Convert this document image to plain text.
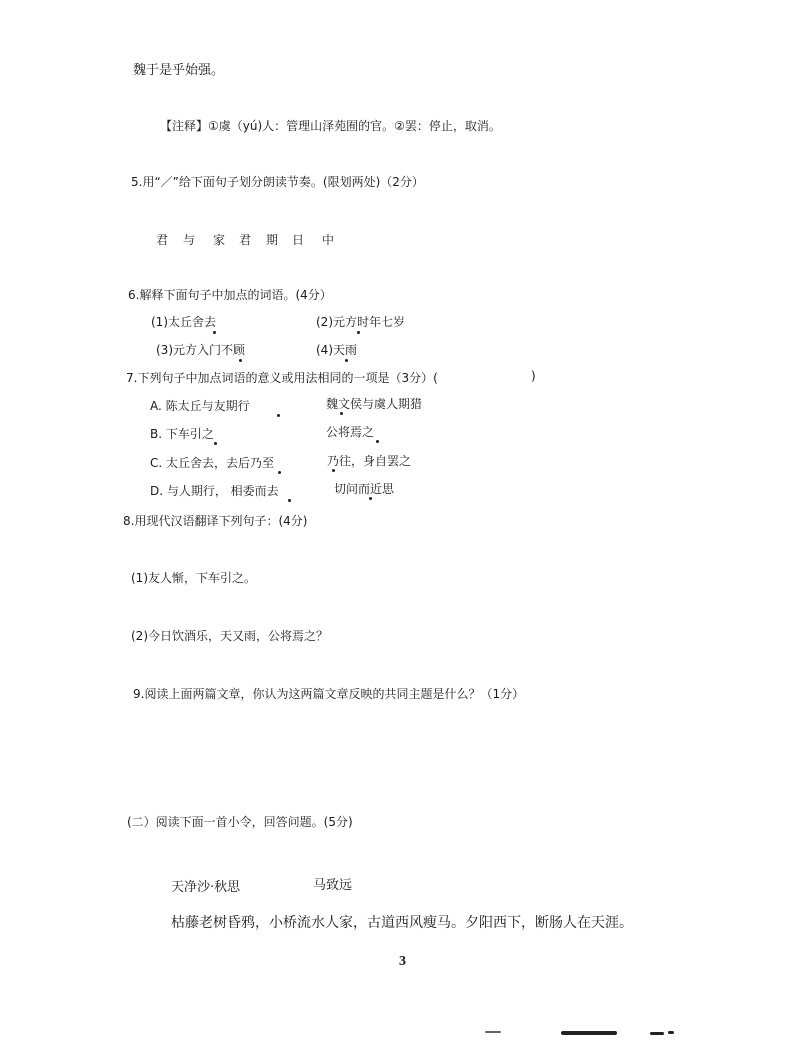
魏于是乎始强。
【注释】①虞（yú)人：管理山泽苑囿的官。②罢：停止，取消。
5.用“／”给下面句子划分朗读节奏。(限划两处)（2分）
君 与 家 君 期 日 中
6.解释下面句子中加点的词语。(4分）
(1)太丘舍去	(2)元方时年七岁
(3)元方入门不顾	(4)天雨
7.下列句子中加点词语的意义或用法相同的一项是（3分）(	)
A. 陈太丘与友期行	魏文侯与虞人期猎
B. 下车引之	公将焉之
C. 太丘舍去，去后乃至	乃往，身自罢之
D. 与人期行， 相委而去	切问而近思
8.用现代汉语翻译下列句子：(4分)
(1)友人惭，下车引之。
(2)今日饮酒乐，天又雨，公将焉之？
9.阅读上面两篇文章，你认为这两篇文章反映的共同主题是什么？（1分）
(二）阅读下面一首小令，回答问题。(5分)
天净沙·秋思	马致远
枯藤老树昏鸦，小桥流水人家，古道西风瘦马。夕阳西下，断肠人在天涯。
3
